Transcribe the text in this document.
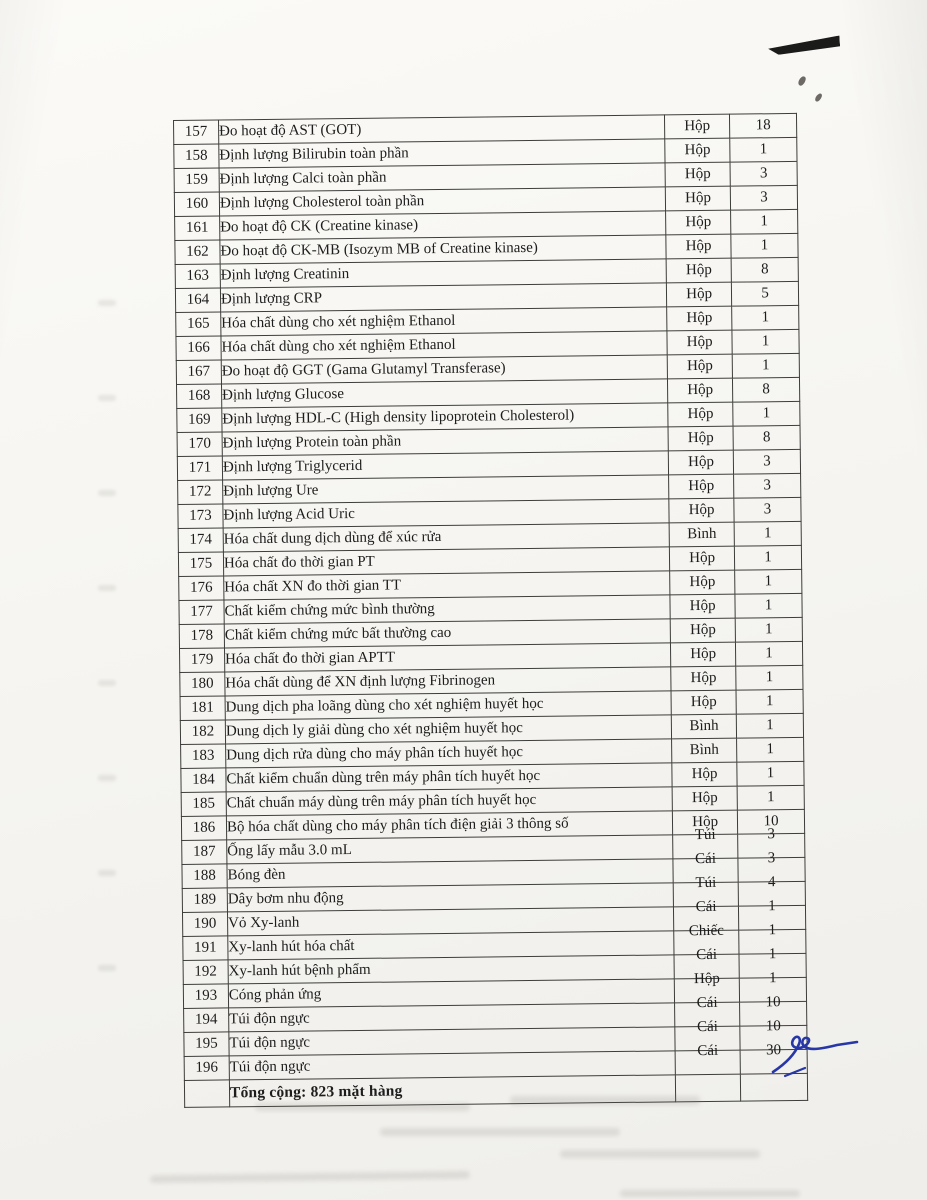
157	Đo hoạt độ AST (GOT)	Hộp	18
158	Định lượng Bilirubin toàn phần	Hộp	1
159	Định lượng Calci toàn phần	Hộp	3
160	Định lượng Cholesterol toàn phần	Hộp	3
161	Đo hoạt độ CK (Creatine kinase)	Hộp	1
162	Đo hoạt độ CK-MB (Isozym MB of Creatine kinase)	Hộp	1
163	Định lượng Creatinin	Hộp	8
164	Định lượng CRP	Hộp	5
165	Hóa chất dùng cho xét nghiệm Ethanol	Hộp	1
166	Hóa chất dùng cho xét nghiệm Ethanol	Hộp	1
167	Đo hoạt độ GGT (Gama Glutamyl Transferase)	Hộp	1
168	Định lượng Glucose	Hộp	8
169	Định lượng HDL-C (High density lipoprotein Cholesterol)	Hộp	1
170	Định lượng Protein toàn phần	Hộp	8
171	Định lượng Triglycerid	Hộp	3
172	Định lượng Ure	Hộp	3
173	Định lượng Acid Uric	Hộp	3
174	Hóa chất dung dịch dùng để xúc rửa	Bình	1
175	Hóa chất đo thời gian PT	Hộp	1
176	Hóa chất XN đo thời gian TT	Hộp	1
177	Chất kiểm chứng mức bình thường	Hộp	1
178	Chất kiểm chứng mức bất thường cao	Hộp	1
179	Hóa chất đo thời gian APTT	Hộp	1
180	Hóa chất dùng để XN định lượng Fibrinogen	Hộp	1
181	Dung dịch pha loãng dùng cho xét nghiệm huyết học	Hộp	1
182	Dung dịch ly giải dùng cho xét nghiệm huyết học	Bình	1
183	Dung dịch rửa dùng cho máy phân tích huyết học	Bình	1
184	Chất kiểm chuẩn dùng trên máy phân tích huyết học	Hộp	1
185	Chất chuẩn máy dùng trên máy phân tích huyết học	Hộp	1
186	Bộ hóa chất dùng cho máy phân tích điện giải 3 thông số	Hộp	10
187	Ống lấy mẫu 3.0 mL	Túi	3
188	Bóng đèn	Cái	3
189	Dây bơm nhu động	Túi	4
190	Vỏ Xy-lanh	Cái	1
191	Xy-lanh hút hóa chất	Chiếc	1
192	Xy-lanh hút bệnh phẩm	Cái	1
193	Cóng phản ứng	Hộp	1
194	Túi độn ngực	Cái	10
195	Túi độn ngực	Cái	10
196	Túi độn ngực	Cái	30
	Tổng cộng: 823 mặt hàng		
